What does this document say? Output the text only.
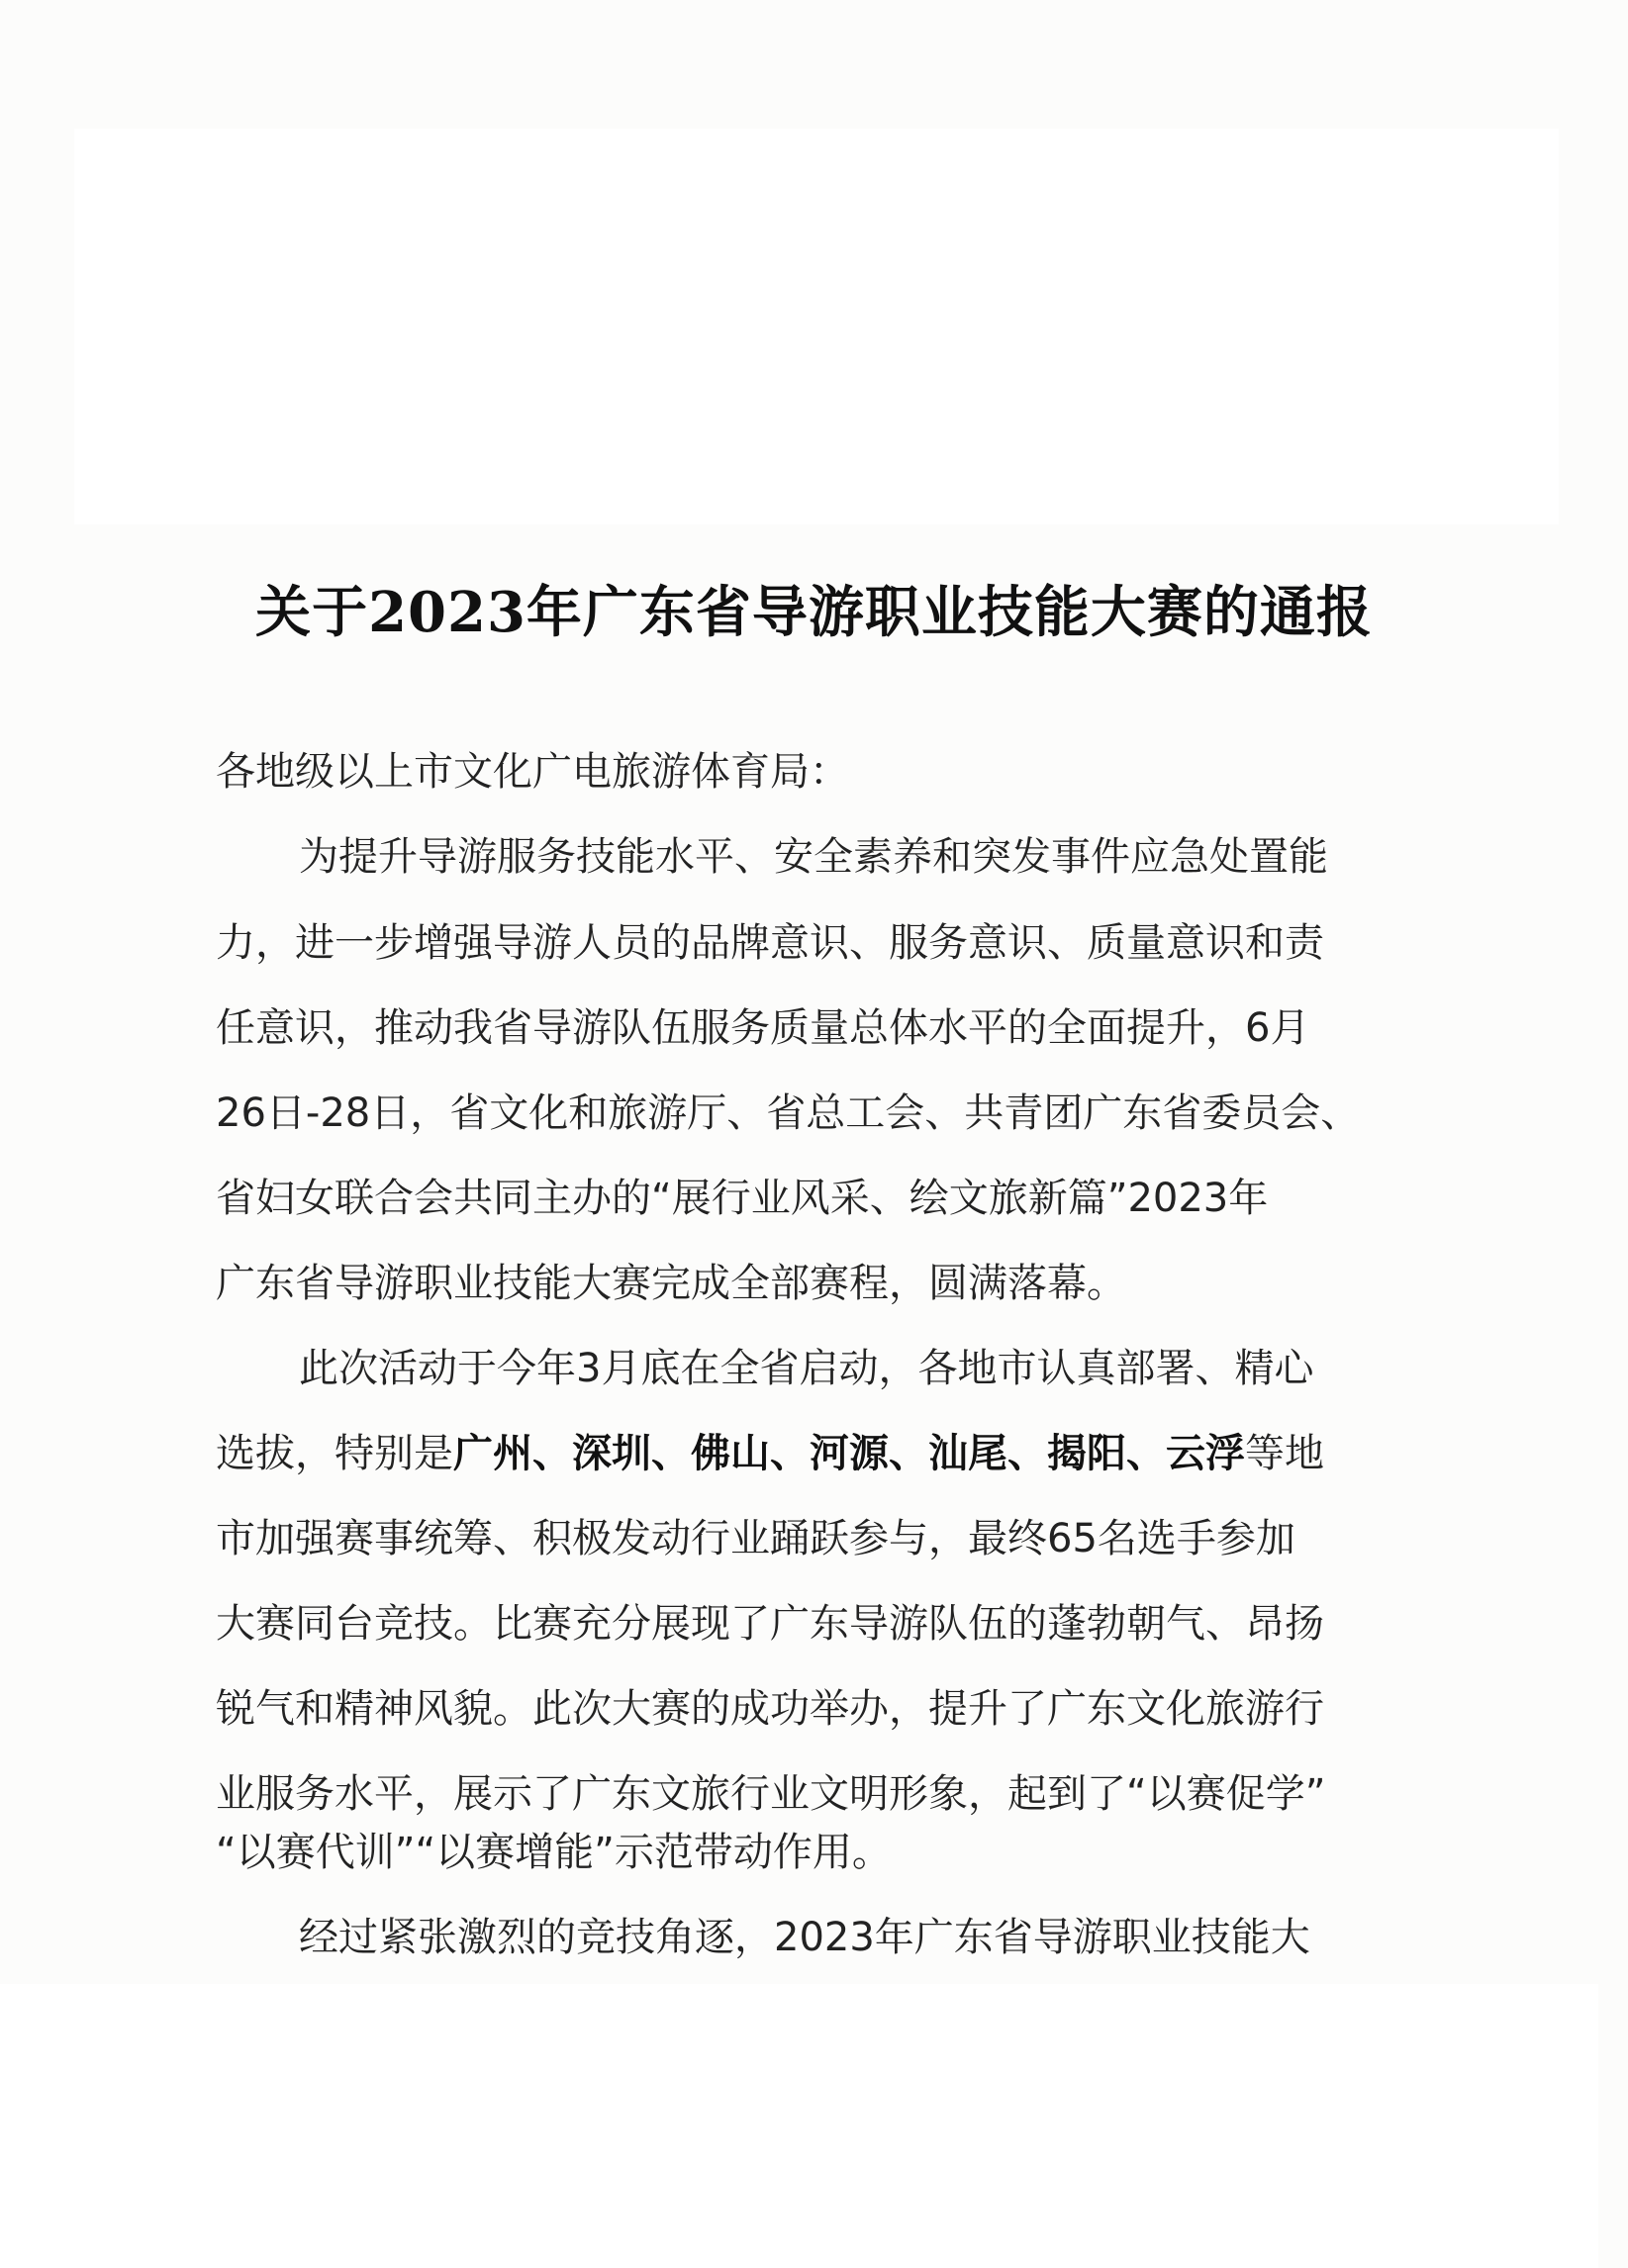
关于2023年广东省导游职业技能大赛的通报
各地级以上市文化广电旅游体育局：
为提升导游服务技能水平、安全素养和突发事件应急处置能
力，进一步增强导游人员的品牌意识、服务意识、质量意识和责
任意识，推动我省导游队伍服务质量总体水平的全面提升，6月
26日-28日，省文化和旅游厅、省总工会、共青团广东省委员会、
省妇女联合会共同主办的“展行业风采、绘文旅新篇”2023年
广东省导游职业技能大赛完成全部赛程，圆满落幕。
此次活动于今年3月底在全省启动，各地市认真部署、精心
选拔，特别是广州、深圳、佛山、河源、汕尾、揭阳、云浮等地
市加强赛事统筹、积极发动行业踊跃参与，最终65名选手参加
大赛同台竞技。比赛充分展现了广东导游队伍的蓬勃朝气、昂扬
锐气和精神风貌。此次大赛的成功举办，提升了广东文化旅游行
业服务水平，展示了广东文旅行业文明形象，起到了“以赛促学”
“以赛代训”“以赛增能”示范带动作用。
经过紧张激烈的竞技角逐，2023年广东省导游职业技能大
